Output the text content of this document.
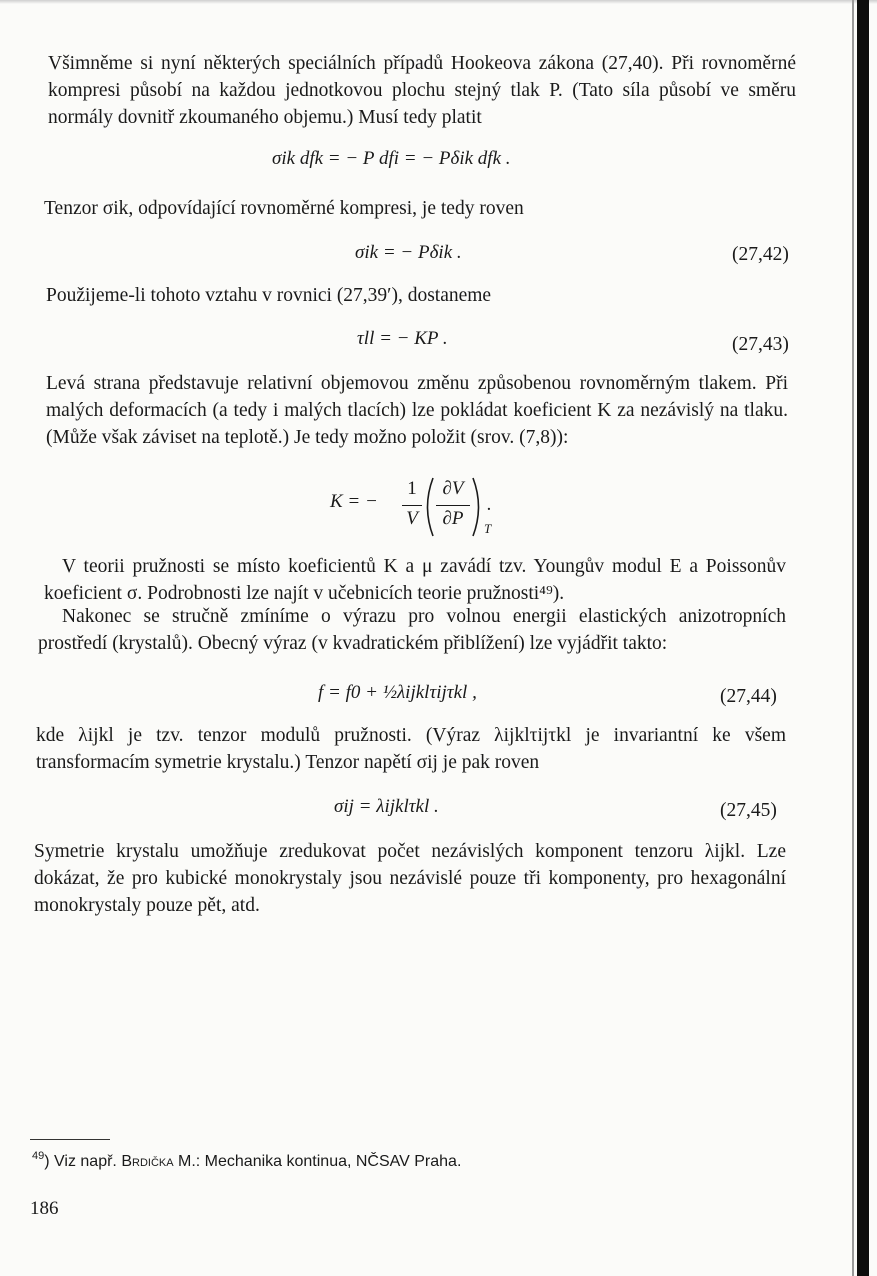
Všimněme si nyní některých speciálních případů Hookeova zákona (27,40). Při rovnoměrné kompresi působí na každou jednotkovou plochu stejný tlak P. (Tato síla působí ve směru normály dovnitř zkoumaného objemu.) Musí tedy platit

σik dfk = − P dfi = − Pδik dfk .

Tenzor σik, odpovídající rovnoměrné kompresi, je tedy roven

σik = − Pδik .	(27,42)

Použijeme-li tohoto vztahu v rovnici (27,39′), dostaneme

τll = − KP .	(27,43)

Levá strana představuje relativní objemovou změnu způsobenou rovnoměrným tlakem. Při malých deformacích (a tedy i malých tlacích) lze pokládat koeficient K za nezávislý na tlaku. (Může však záviset na teplotě.) Je tedy možno položit (srov. (7,8)):

K = −
1
V
∂V
∂P	T
.

V teorii pružnosti se místo koeficientů K a μ zavádí tzv. Youngův modul E a Poissonův koeficient σ. Podrobnosti lze najít v učebnicích teorie pružnosti⁴⁹).

Nakonec se stručně zmíníme o výrazu pro volnou energii elastických anizotropních prostředí (krystalů). Obecný výraz (v kvadratickém přiblížení) lze vyjádřit takto:

f = f0 + ½λijklτijτkl ,	(27,44)

kde λijkl je tzv. tenzor modulů pružnosti. (Výraz λijklτijτkl je invariantní ke všem transformacím symetrie krystalu.) Tenzor napětí σij je pak roven

σij = λijklτkl .	(27,45)

Symetrie krystalu umožňuje zredukovat počet nezávislých komponent tenzoru λijkl. Lze dokázat, že pro kubické monokrystaly jsou nezávislé pouze tři komponenty, pro hexagonální monokrystaly pouze pět, atd.

$^{49}$) Viz např. Brdička M.: Mechanika kontinua, NČSAV Praha.
186
